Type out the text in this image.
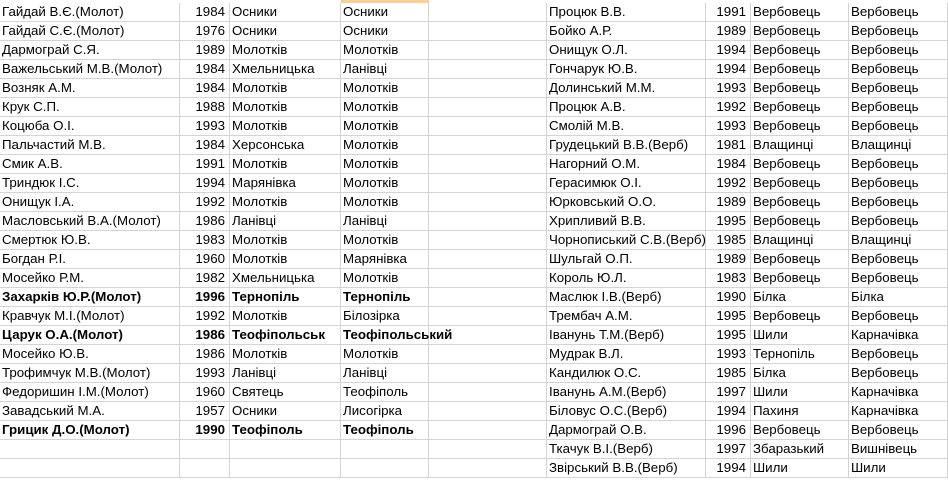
Гайдай В.Є.(Молот)	1984 Осники	Осники	Процюк В.В.	1991 Вербовець	Вербовець
Гайдай С.Є.(Молот)	1976 Осники	Осники	Бойко А.Р.	1989 Вербовець	Вербовець
Дармограй С.Я.	1989 Молотків	Молотків	Онищук О.Л.	1994 Вербовець	Вербовець
Важельський М.В.(Молот)	1984 Хмельницька	Ланівці	Гончарук Ю.В.	1994 Вербовець	Вербовець
Возняк А.М.	1984 Молотків	Молотків	Долинський М.М.	1993 Вербовець	Вербовець
Крук С.П.	1988 Молотків	Молотків	Процюк А.В.	1992 Вербовець	Вербовець
Коцюба О.І.	1993 Молотків	Молотків	Смолій М.В.	1993 Вербовець	Вербовець
Пальчастий М.В.	1984 Херсонська	Молотків	Грудецький В.В.(Верб)	1981 Влащинці	Влащинці
Смик А.В.	1991 Молотків	Молотків	Нагорний О.М.	1984 Вербовець	Вербовець
Триндюк І.С.	1994 Марянівка	Молотків	Герасимюк О.І.	1992 Вербовець	Вербовець
Онищук І.А.	1992 Молотків	Молотків	Юрковський О.О.	1989 Вербовець	Вербовець
Масловський В.А.(Молот)	1986 Ланівці	Ланівці	Хрипливий В.В.	1995 Вербовець	Вербовець
Смертюк Ю.В.	1983 Молотків	Молотків	Чорнописький С.В.(Верб) 1985 Влащинці	Влащинці
Богдан Р.І.	1960 Молотків	Марянівка	Шульгай О.П.	1989 Вербовець	Вербовець
Мосейко Р.М.	1982 Хмельницька	Молотків	Король Ю.Л.	1983 Вербовець	Вербовець
Захарків Ю.Р.(Молот)	1996 Тернопіль	Тернопіль	Маслюк І.В.(Верб)	1990 Білка	Білка
Кравчук М.І.(Молот)	1992 Молотків	Білозірка	Трембач А.М.	1995 Вербовець	Вербовець
Царук О.А.(Молот)	1986 Теофіпольськ	Теофіпольський	Іванунь Т.М.(Верб)	1995 Шили	Карначівка
Мосейко Ю.В.	1986 Молотків	Молотків	Мудрак В.Л.	1993 Тернопіль	Вербовець
Трофимчук М.В.(Молот)	1993 Ланівці	Ланівці	Кандилюк О.С.	1985 Білка	Вербовець
Федоришин І.М.(Молот)	1960 Святець	Теофіполь	Іванунь А.М.(Верб)	1997 Шили	Карначівка
Завадський М.А.	1957 Осники	Лисогірка	Біловус О.С.(Верб)	1994 Пахиня	Карначівка
Грицик Д.О.(Молот)	1990 Теофіполь	Теофіполь	Дармограй О.В.	1996 Вербовець	Вербовець
Ткачук В.І.(Верб)	1997 Збаразький	Вишнівець
Звірський В.В.(Верб)	1994 Шили	Шили
